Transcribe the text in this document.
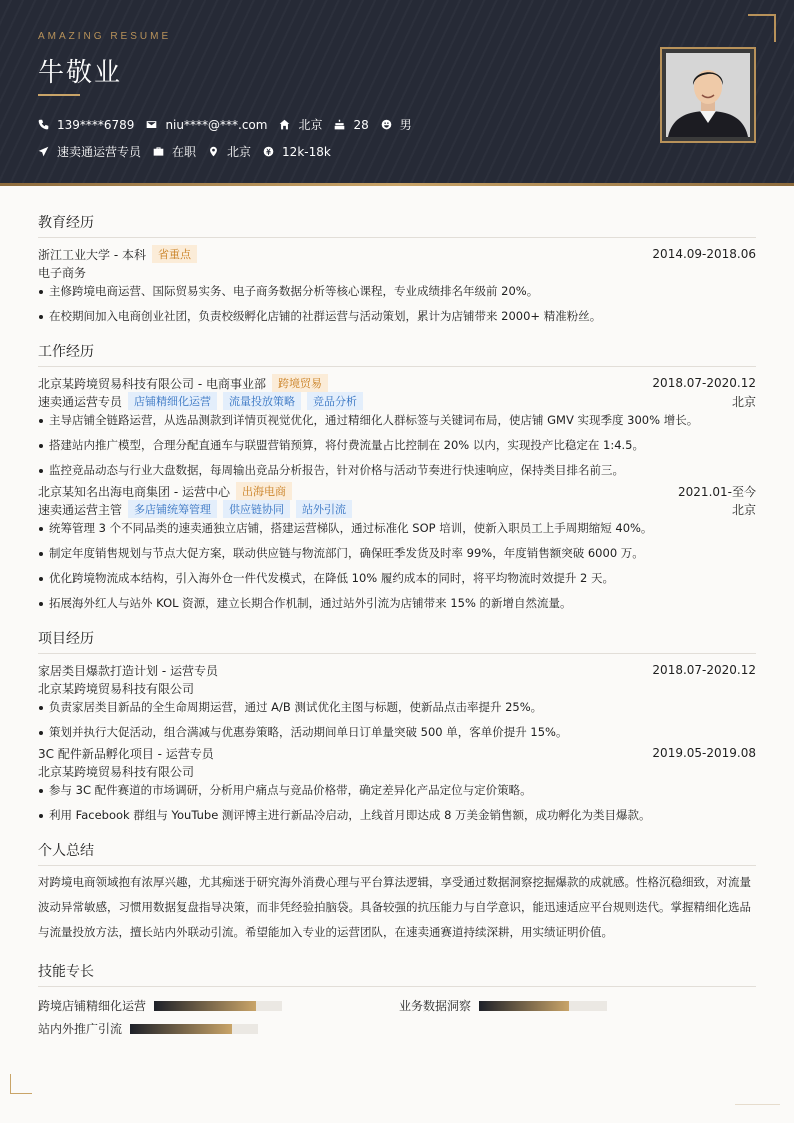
AMAZING RESUME
牛敬业
139****6789	niu****@***.com	北京	28	男
速卖通运营专员	在职	北京	12k-18k
教育经历
浙江工业大学 - 本科	省重点	2014.09-2018.06
电子商务
主修跨境电商运营、国际贸易实务、电子商务数据分析等核心课程，专业成绩排名年级前 20%。
在校期间加入电商创业社团，负责校级孵化店铺的社群运营与活动策划，累计为店铺带来 2000+ 精准粉丝。
工作经历
北京某跨境贸易科技有限公司 - 电商事业部	跨境贸易	2018.07-2020.12
速卖通运营专员	店铺精细化运营	流量投放策略	竞品分析	北京
主导店铺全链路运营，从选品测款到详情页视觉优化，通过精细化人群标签与关键词布局，使店铺 GMV 实现季度 300% 增长。
搭建站内推广模型，合理分配直通车与联盟营销预算，将付费流量占比控制在 20% 以内，实现投产比稳定在 1:4.5。
监控竞品动态与行业大盘数据，每周输出竞品分析报告，针对价格与活动节奏进行快速响应，保持类目排名前三。
北京某知名出海电商集团 - 运营中心	出海电商	2021.01-至今
速卖通运营主管	多店铺统筹管理	供应链协同	站外引流	北京
统筹管理 3 个不同品类的速卖通独立店铺，搭建运营梯队，通过标准化 SOP 培训，使新入职员工上手周期缩短 40%。
制定年度销售规划与节点大促方案，联动供应链与物流部门，确保旺季发货及时率 99%，年度销售额突破 6000 万。
优化跨境物流成本结构，引入海外仓一件代发模式，在降低 10% 履约成本的同时，将平均物流时效提升 2 天。
拓展海外红人与站外 KOL 资源，建立长期合作机制，通过站外引流为店铺带来 15% 的新增自然流量。
项目经历
家居类目爆款打造计划 - 运营专员	2018.07-2020.12
北京某跨境贸易科技有限公司
负责家居类目新品的全生命周期运营，通过 A/B 测试优化主图与标题，使新品点击率提升 25%。
策划并执行大促活动，组合满减与优惠券策略，活动期间单日订单量突破 500 单，客单价提升 15%。
3C 配件新品孵化项目 - 运营专员	2019.05-2019.08
北京某跨境贸易科技有限公司
参与 3C 配件赛道的市场调研，分析用户痛点与竞品价格带，确定差异化产品定位与定价策略。
利用 Facebook 群组与 YouTube 测评博主进行新品冷启动，上线首月即达成 8 万美金销售额，成功孵化为类目爆款。
个人总结

对跨境电商领域抱有浓厚兴趣，尤其痴迷于研究海外消费心理与平台算法逻辑，享受通过数据洞察挖掘爆款的成就感。性格沉稳细致，对流量波动异常敏感，习惯用数据复盘指导决策，而非凭经验拍脑袋。具备较强的抗压能力与自学意识，能迅速适应平台规则迭代。掌握精细化选品与流量投放方法，擅长站内外联动引流。希望能加入专业的运营团队，在速卖通赛道持续深耕，用实绩证明价值。

技能专长
跨境店铺精细化运营	业务数据洞察
站内外推广引流
